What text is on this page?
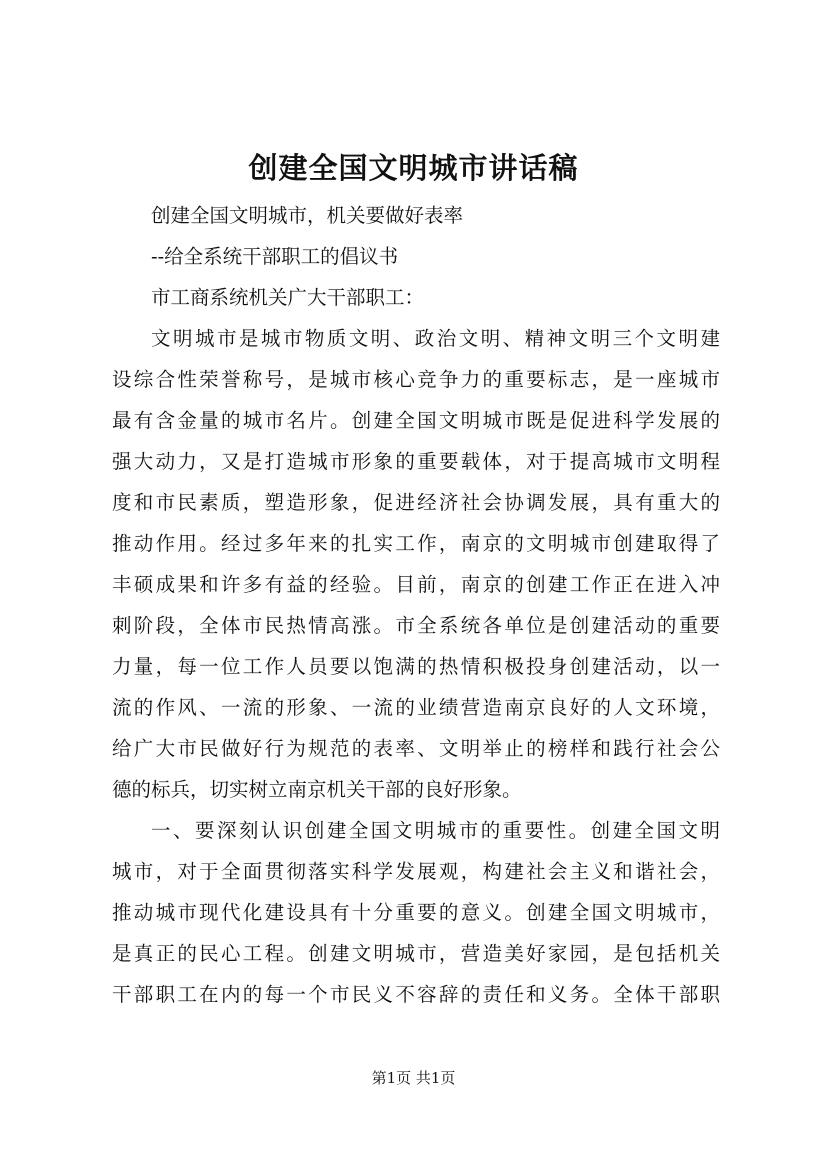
创建全国文明城市讲话稿
创建全国文明城市，机关要做好表率
--给全系统干部职工的倡议书
市工商系统机关广大干部职工：
文明城市是城市物质文明、政治文明、精神文明三个文明建
设综合性荣誉称号，是城市核心竞争力的重要标志，是一座城市
最有含金量的城市名片。创建全国文明城市既是促进科学发展的
强大动力，又是打造城市形象的重要载体，对于提高城市文明程
度和市民素质，塑造形象，促进经济社会协调发展，具有重大的
推动作用。经过多年来的扎实工作，南京的文明城市创建取得了
丰硕成果和许多有益的经验。目前，南京的创建工作正在进入冲
刺阶段，全体市民热情高涨。市全系统各单位是创建活动的重要
力量，每一位工作人员要以饱满的热情积极投身创建活动，以一
流的作风、一流的形象、一流的业绩营造南京良好的人文环境，
给广大市民做好行为规范的表率、文明举止的榜样和践行社会公
德的标兵，切实树立南京机关干部的良好形象。
一、要深刻认识创建全国文明城市的重要性。创建全国文明
城市，对于全面贯彻落实科学发展观，构建社会主义和谐社会，
推动城市现代化建设具有十分重要的意义。创建全国文明城市，
是真正的民心工程。创建文明城市，营造美好家园，是包括机关
干部职工在内的每一个市民义不容辞的责任和义务。全体干部职
第1页 共1页
